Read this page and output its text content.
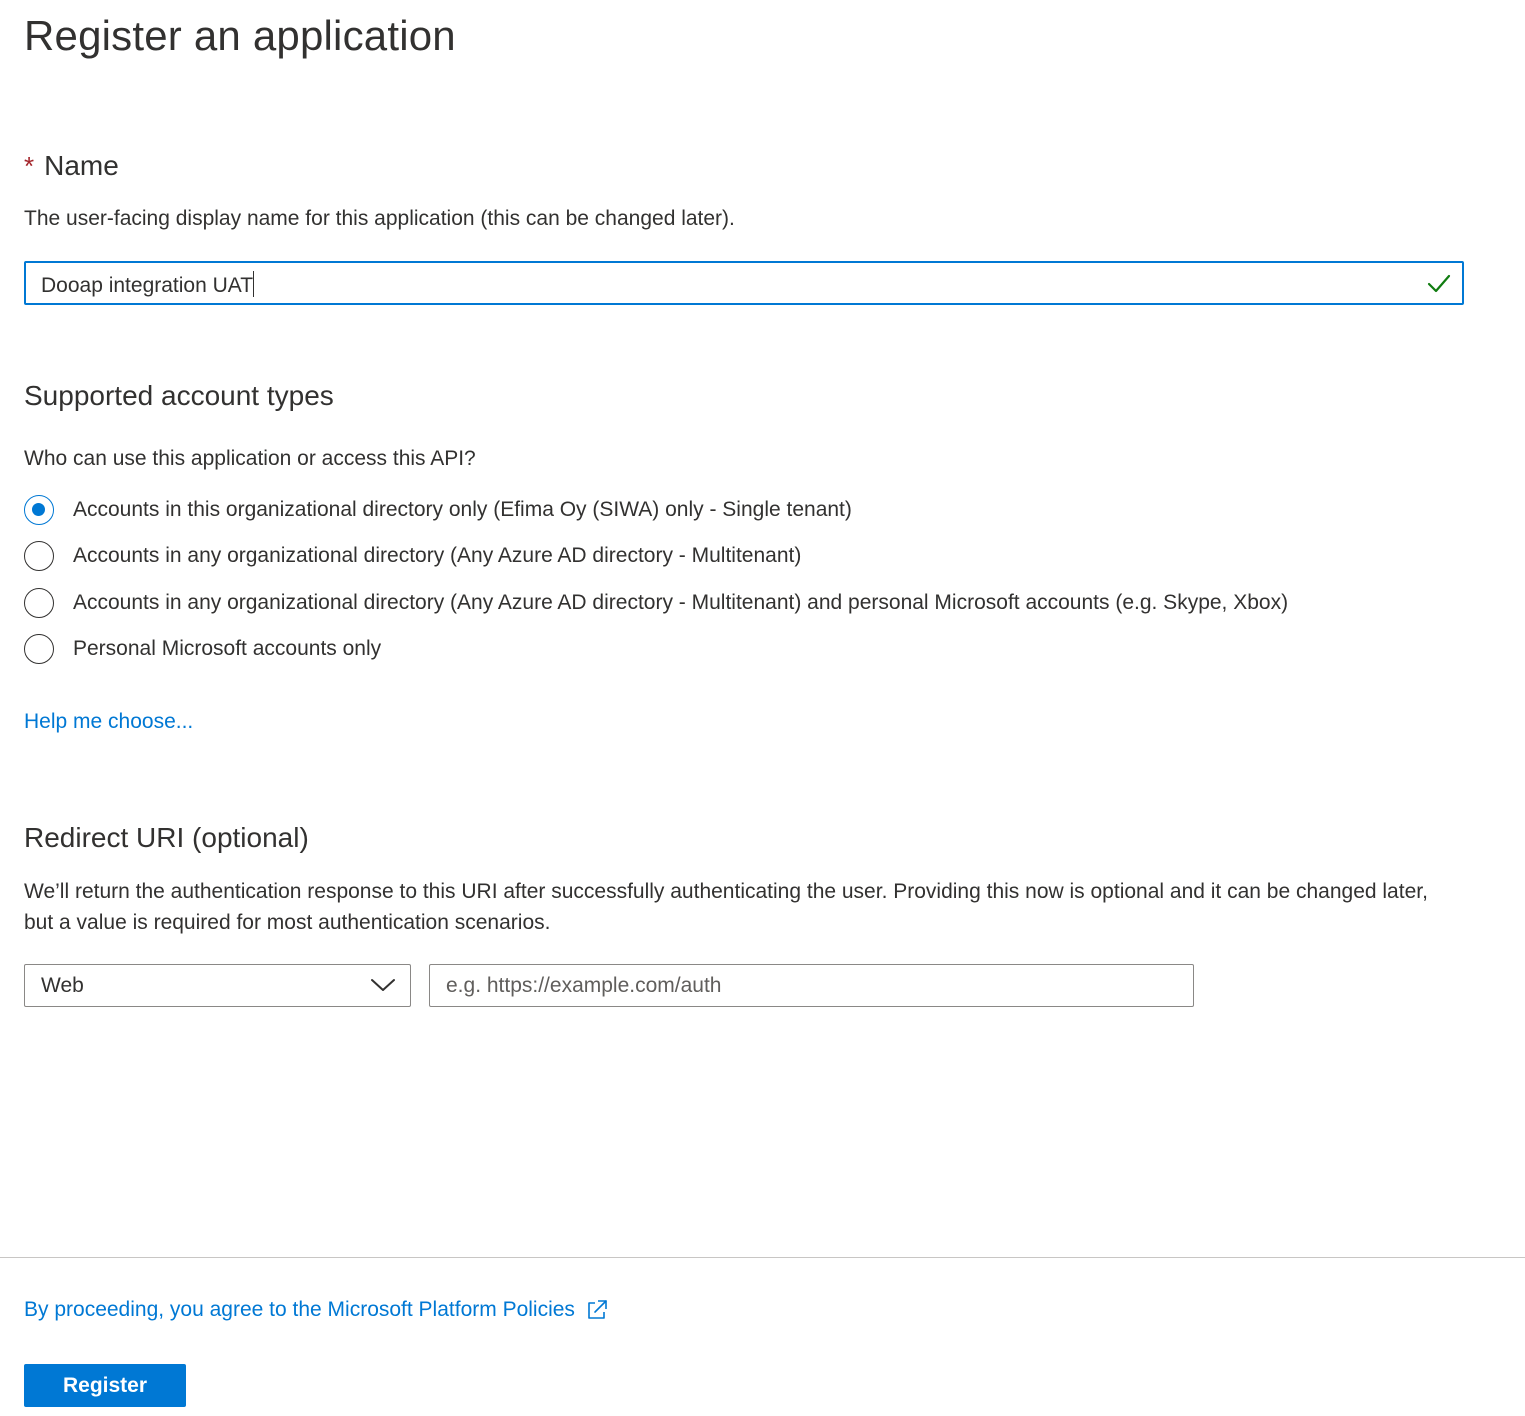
Register an application
* Name
The user-facing display name for this application (this can be changed later).
Dooap integration UAT
Supported account types
Who can use this application or access this API?
Accounts in this organizational directory only (Efima Oy (SIWA) only - Single tenant)
Accounts in any organizational directory (Any Azure AD directory - Multitenant)
Accounts in any organizational directory (Any Azure AD directory - Multitenant) and personal Microsoft accounts (e.g. Skype, Xbox)
Personal Microsoft accounts only
Help me choose...
Redirect URI (optional)
We’ll return the authentication response to this URI after successfully authenticating the user. Providing this now is optional and it can be changed later, but a value is required for most authentication scenarios.
Web
e.g. https://example.com/auth
By proceeding, you agree to the Microsoft Platform Policies
Register
